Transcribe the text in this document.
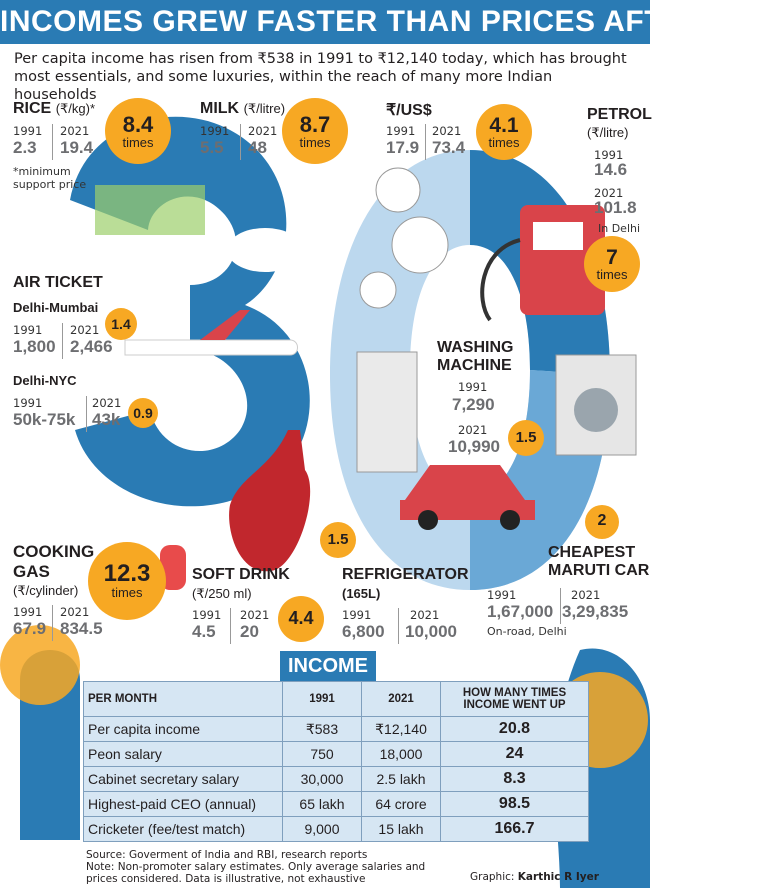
INCOMES GREW FASTER THAN PRICES AFTER '91
Per capita income has risen from ₹538 in 1991 to ₹12,140 today, which has brought most essentials, and some luxuries, within the reach of many more Indian households
RICE (₹/kg)*
1991 2021
2.3 19.4
*minimum
support price
8.4
times
MILK (₹/litre)
1991 2021
5.5 48
8.7
times
₹/US$
1991 2021
17.9 73.4
4.1
times
PETROL
(₹/litre)
1991
14.6
2021
101.8
In Delhi
7
times
AIR TICKET
Delhi-Mumbai
1991 2021
1,800 2,466
1.4
Delhi-NYC
1991	2021
50k-75k 43k 0.9
WASHING
MACHINE
1991
7,290
2021
10,990	1.5
COOKING
GAS
(₹/cylinder)
1991 2021
67.9 834.5
12.3
times
SOFT DRINK
(₹/250 ml)
1991 2021
4.5 20
4.4
1.5
REFRIGERATOR
(165L)
1991	2021
6,800 10,000
2
CHEAPEST
MARUTI CAR
1991	2021
1,67,000 3,29,835
On-road, Delhi
INCOME
PER MONTH	1991	2021	HOW MANY TIMES INCOME WENT UP
Per capita income	₹583	₹12,140	20.8
Peon salary	750	18,000	24
Cabinet secretary salary	30,000	2.5 lakh	8.3
Highest-paid CEO (annual)	65 lakh	64 crore	98.5
Cricketer (fee/test match)	9,000	15 lakh	166.7
Source: Goverment of India and RBI, research reports
Note: Non-promoter salary estimates. Only average salaries and prices considered. Data is illustrative, not exhaustive	Graphic: Karthic R Iyer
